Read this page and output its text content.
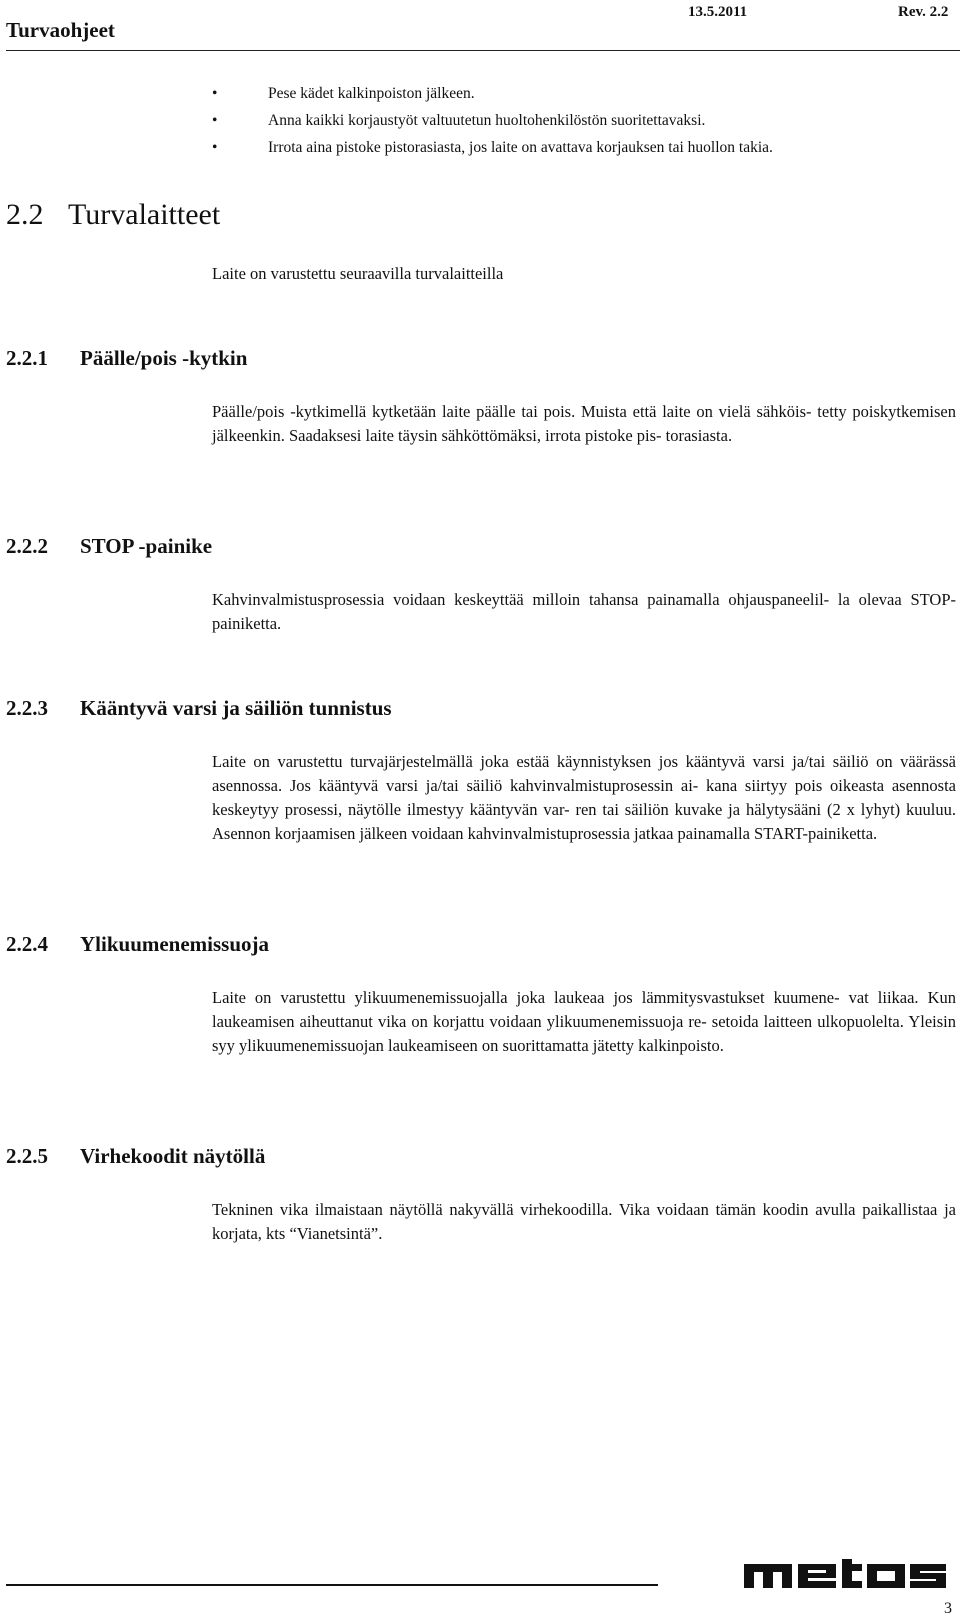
Turvaohjeet
13.5.2011	Rev. 2.2
•	Pese kädet kalkinpoiston jälkeen.
•	Anna kaikki korjaustyöt valtuutetun huoltohenkilöstön suoritettavaksi.
•	Irrota aina pistoke pistorasiasta, jos laite on avattava korjauksen tai huollon takia.
2.2 Turvalaitteet
Laite on varustettu seuraavilla turvalaitteilla
2.2.1 Päälle/pois -kytkin
Päälle/pois -kytkimellä kytketään laite päälle tai pois. Muista että laite on vielä sähköis- tetty poiskytkemisen jälkeenkin. Saadaksesi laite täysin sähköttömäksi, irrota pistoke pis- torasiasta.
2.2.2 STOP -painike
Kahvinvalmistusprosessia voidaan keskeyttää milloin tahansa painamalla ohjauspaneelil- la olevaa STOP-painiketta.
2.2.3 Kääntyvä varsi ja säiliön tunnistus
Laite on varustettu turvajärjestelmällä joka estää käynnistyksen jos kääntyvä varsi ja/tai säiliö on väärässä asennossa. Jos kääntyvä varsi ja/tai säiliö kahvinvalmistuprosessin ai- kana siirtyy pois oikeasta asennosta keskeytyy prosessi, näytölle ilmestyy kääntyvän var- ren tai säiliön kuvake ja hälytysääni (2 x lyhyt) kuuluu. Asennon korjaamisen jälkeen voidaan kahvinvalmistuprosessia jatkaa painamalla START-painiketta.
2.2.4 Ylikuumenemissuoja
Laite on varustettu ylikuumenemissuojalla joka laukeaa jos lämmitysvastukset kuumene- vat liikaa. Kun laukeamisen aiheuttanut vika on korjattu voidaan ylikuumenemissuoja re- setoida laitteen ulkopuolelta. Yleisin syy ylikuumenemissuojan laukeamiseen on suorittamatta jätetty kalkinpoisto.
2.2.5 Virhekoodit näytöllä
Tekninen vika ilmaistaan näytöllä nakyvällä virhekoodilla. Vika voidaan tämän koodin avulla paikallistaa ja korjata, kts “Vianetsintä”.
3
